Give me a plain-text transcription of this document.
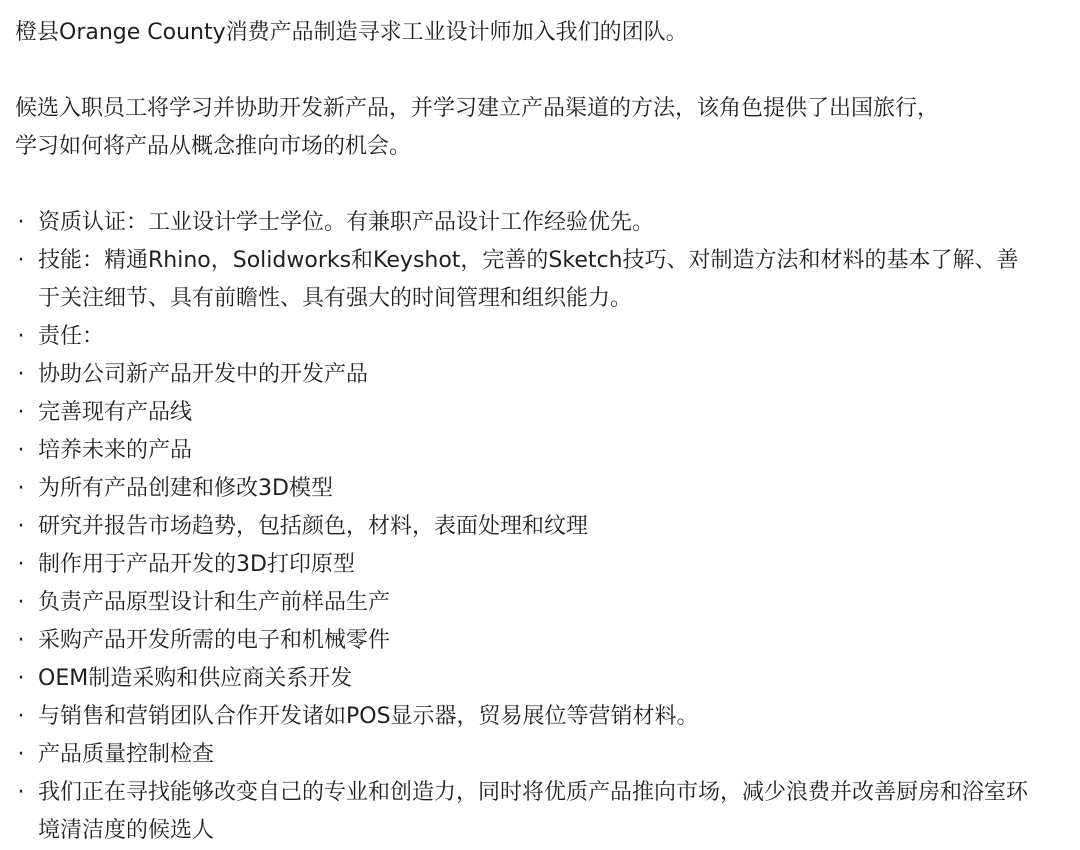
橙县Orange County消费产品制造寻求工业设计师加入我们的团队。

候选入职员工将学习并协助开发新产品，并学习建立产品渠道的方法，该角色提供了出国旅行，
学习如何将产品从概念推向市场的机会。

· 资质认证：工业设计学士学位。有兼职产品设计工作经验优先。
· 技能：精通Rhino，Solidworks和Keyshot，完善的Sketch技巧、对制造方法和材料的基本了解、善于关注细节、具有前瞻性、具有强大的时间管理和组织能力。
· 责任：
· 协助公司新产品开发中的开发产品
· 完善现有产品线
· 培养未来的产品
· 为所有产品创建和修改3D模型
· 研究并报告市场趋势，包括颜色，材料，表面处理和纹理
· 制作用于产品开发的3D打印原型
· 负责产品原型设计和生产前样品生产
· 采购产品开发所需的电子和机械零件
· OEM制造采购和供应商关系开发
· 与销售和营销团队合作开发诸如POS显示器，贸易展位等营销材料。
· 产品质量控制检查
· 我们正在寻找能够改变自己的专业和创造力，同时将优质产品推向市场，减少浪费并改善厨房和浴室环境清洁度的候选人
